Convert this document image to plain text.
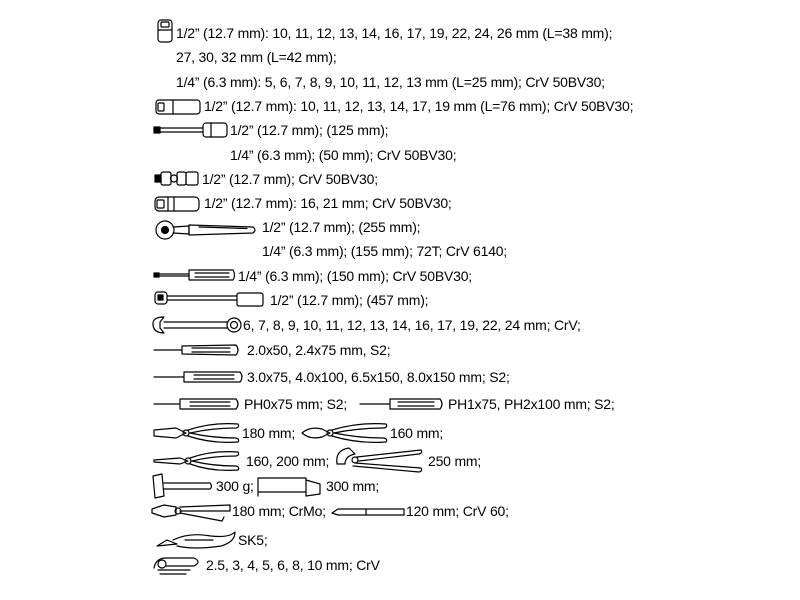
1/2” (12.7 mm): 10, 11, 12, 13, 14, 16, 17, 19, 22, 24, 26 mm (L=38 mm);
27, 30, 32 mm (L=42 mm);
1/4” (6.3 mm): 5, 6, 7, 8, 9, 10, 11, 12, 13 mm (L=25 mm); CrV 50BV30;
1/2” (12.7 mm): 10, 11, 12, 13, 14, 17, 19 mm (L=76 mm); CrV 50BV30;
1/2” (12.7 mm); (125 mm);
1/4” (6.3 mm); (50 mm); CrV 50BV30;
1/2” (12.7 mm); CrV 50BV30;
1/2” (12.7 mm): 16, 21 mm; CrV 50BV30;
1/2” (12.7 mm); (255 mm);
1/4” (6.3 mm); (155 mm); 72T; CrV 6140;
1/4” (6.3 mm); (150 mm); CrV 50BV30;
1/2” (12.7 mm); (457 mm);
6, 7, 8, 9, 10, 11, 12, 13, 14, 16, 17, 19, 22, 24 mm; CrV;
2.0x50, 2.4x75 mm, S2;
3.0x75, 4.0x100, 6.5x150, 8.0x150 mm; S2;
PH0x75 mm; S2;	PH1x75, PH2x100 mm; S2;
180 mm;	160 mm;
160, 200 mm;	250 mm;
300 g;	300 mm;
180 mm; CrMo;	120 mm; CrV 60;
SK5;
2.5, 3, 4, 5, 6, 8, 10 mm; CrV
